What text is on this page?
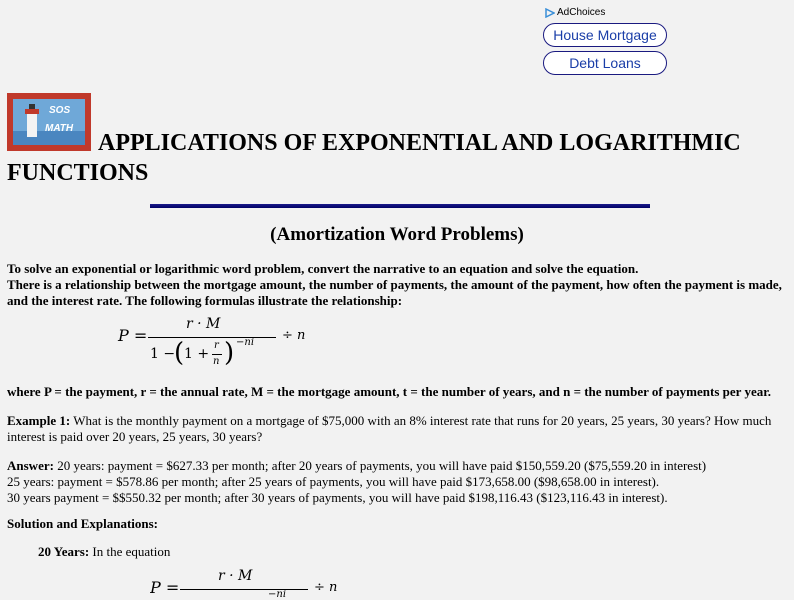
AdChoices
House Mortgage
Debt Loans
SOS
MATH
APPLICATIONS OF EXPONENTIAL AND LOGARITHMIC FUNCTIONS
(Amortization Word Problems)
To solve an exponential or logarithmic word problem, convert the narrative to an equation and solve the equation.
There is a relationship between the mortgage amount, the number of payments, the amount of the payment, how often the payment is made, and the interest rate. The following formulas illustrate the relationship:
P =
r · M
1 −
( 1 +
r
n ) −ni ÷ n
where P = the payment, r = the annual rate, M = the mortgage amount, t = the number of years, and n = the number of payments per year.
Example 1: What is the monthly payment on a mortgage of $75,000 with an 8% interest rate that runs for 20 years, 25 years, 30 years? How much interest is paid over 20 years, 25 years, 30 years?
Answer: 20 years: payment = $627.33 per month; after 20 years of payments, you will have paid $150,559.20 ($75,559.20 in interest)
25 years: payment = $578.86 per month; after 25 years of payments, you will have paid $173,658.00 ($98,658.00 in interest).
30 years payment = $$550.32 per month; after 30 years of payments, you will have paid $198,116.43 ($123,116.43 in interest).
Solution and Explanations:
20 Years: In the equation
P =
r · M
−ni ÷ n
